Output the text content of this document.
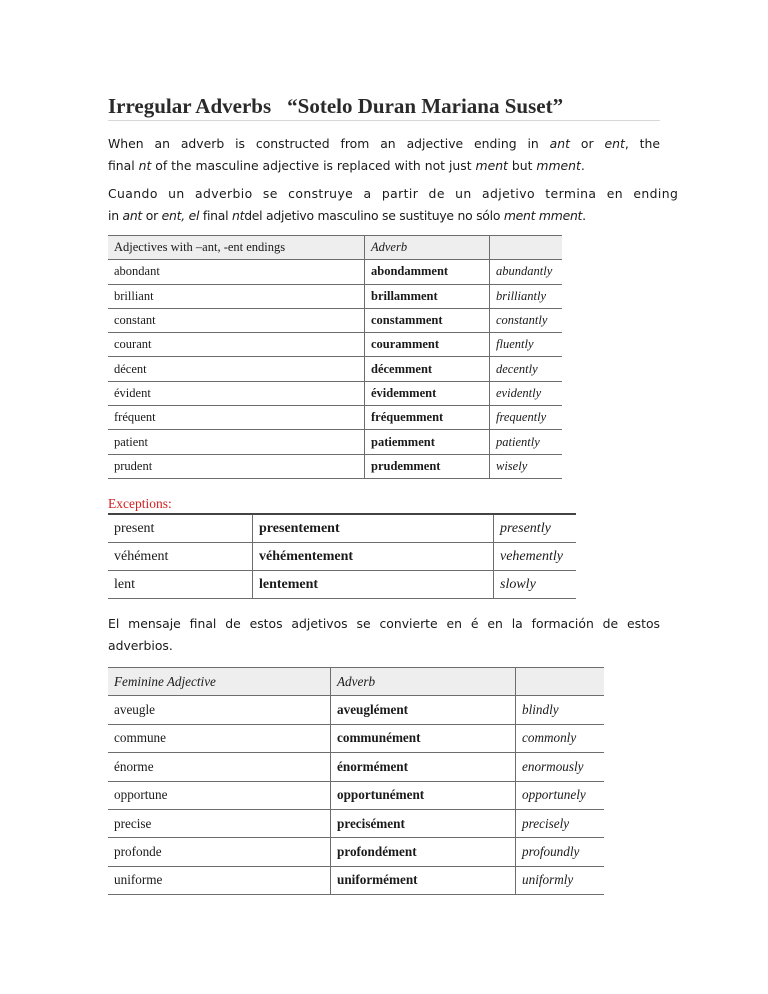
Irregular Adverbs “Sotelo Duran Mariana Suset”
When an adverb is constructed from an adjective ending in ant or ent, the
final nt of the masculine adjective is replaced with not just ment but mment.
Cuando un adverbio se construye a partir de un adjetivo termina en ending
in ant or ent, el final ntdel adjetivo masculino se sustituye no sólo ment mment.
Adjectives with –ant, -ent endings	Adverb	
abondant	abondamment	abundantly
brilliant	brillamment	brilliantly
constant	constamment	constantly
courant	couramment	fluently
décent	décemment	decently
évident	évidemment	evidently
fréquent	fréquemment	frequently
patient	patiemment	patiently
prudent	prudemment	wisely
Exceptions:
present	presentement	presently
véhément	véhémentement	vehemently
lent	lentement	slowly
El mensaje final de estos adjetivos se convierte en é en la formación de estos
adverbios.
Feminine Adjective	Adverb	
aveugle	aveuglément	blindly
commune	communément	commonly
énorme	énormément	enormously
opportune	opportunément	opportunely
precise	precisément	precisely
profonde	profondément	profoundly
uniforme	uniformément	uniformly
